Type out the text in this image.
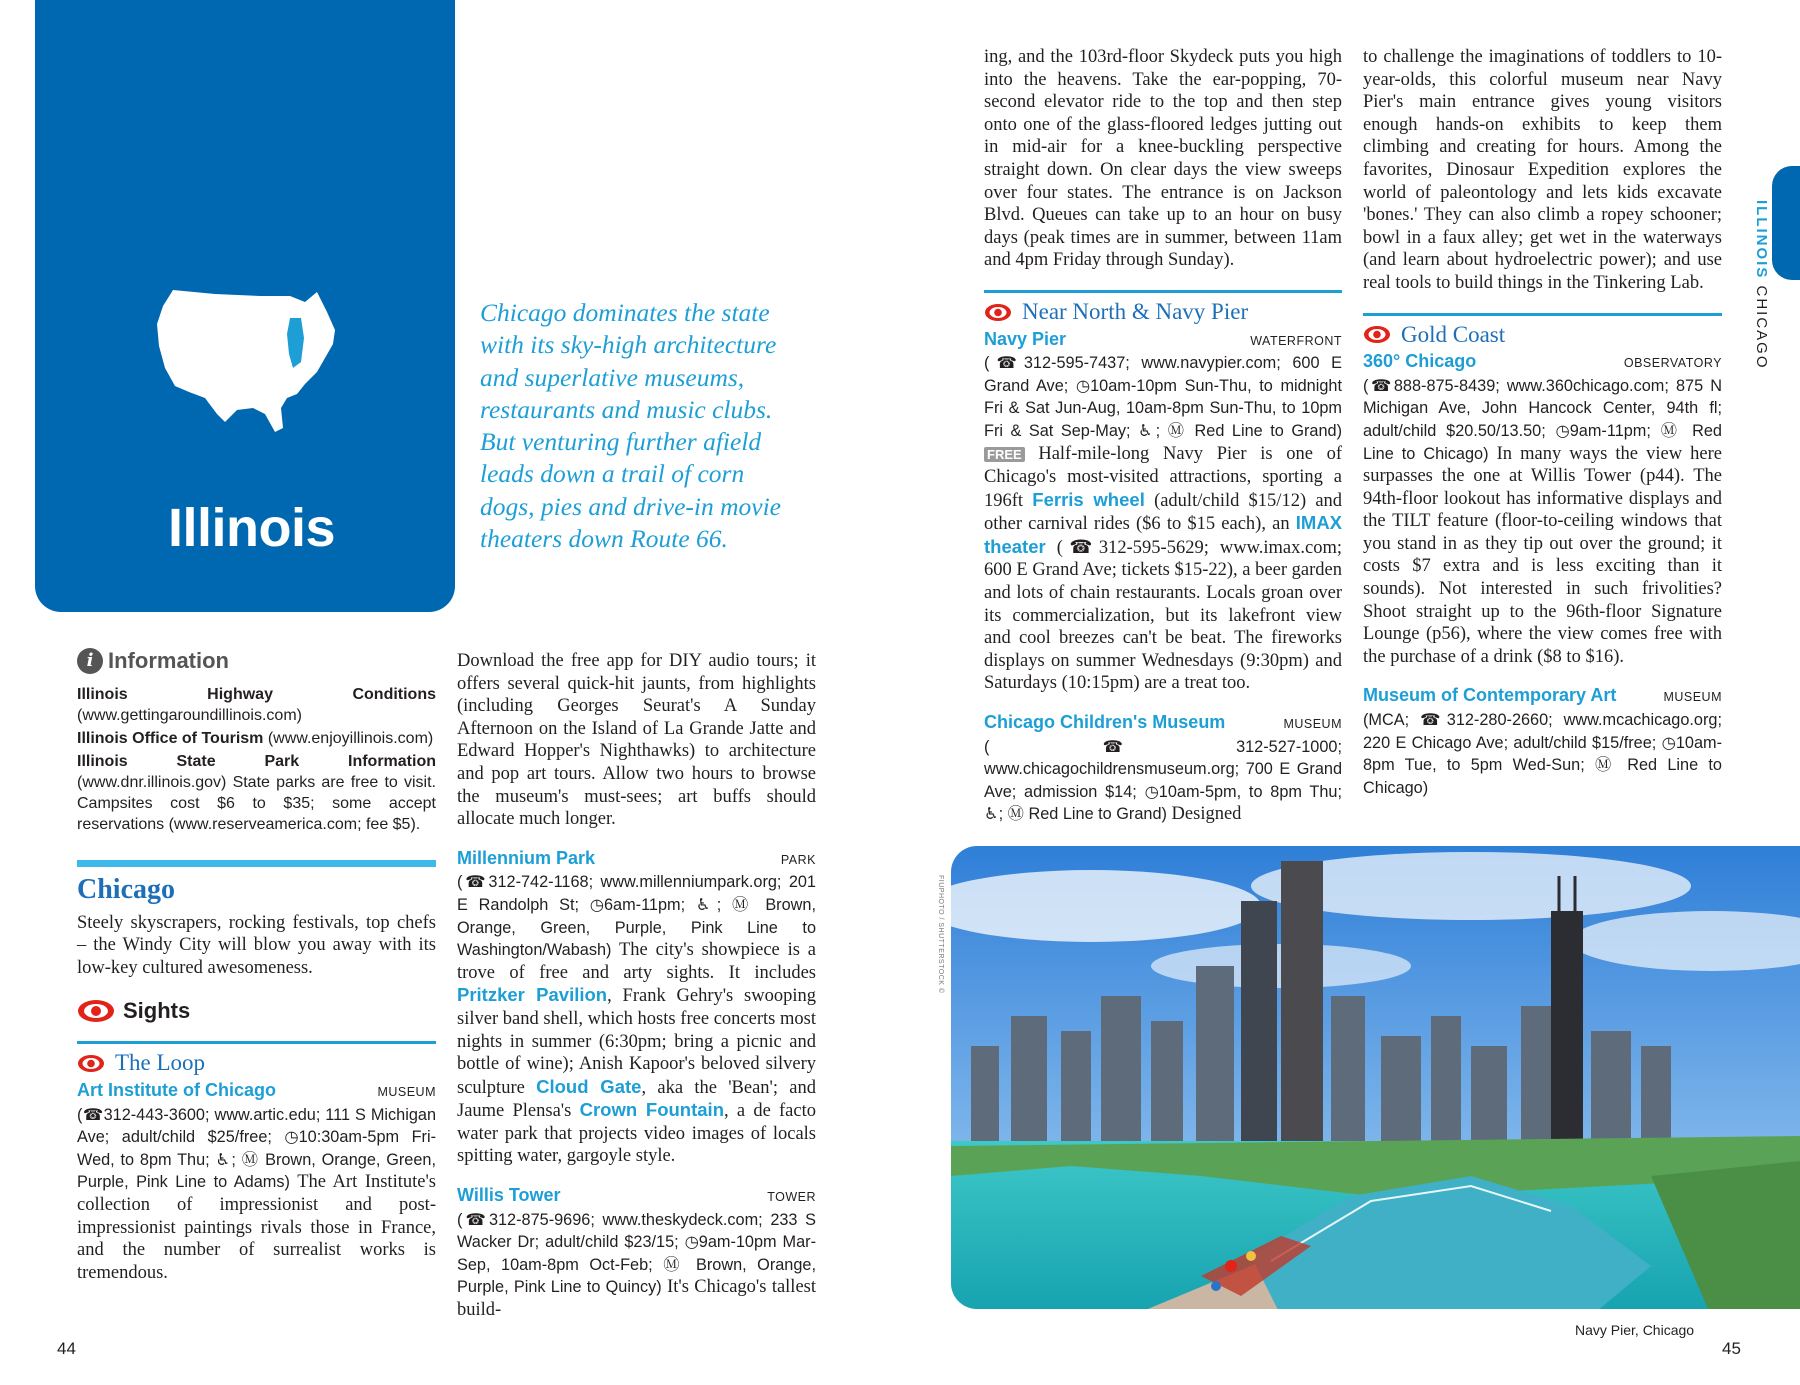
Illinois
Chicago dominates the state with its sky-high architecture and superlative museums, restaurants and music clubs. But venturing further afield leads down a trail of corn dogs, pies and drive-in movie theaters down Route 66.
i Information

Illinois Highway Conditions (www.gettingaroundillinois.com)

Illinois Office of Tourism (www.enjoyillinois.com)

Illinois State Park Information (www.dnr.illinois.gov) State parks are free to visit. Campsites cost $6 to $35; some accept reservations (www.reserveamerica.com; fee $5).

Chicago

Steely skyscrapers, rocking festivals, top chefs – the Windy City will blow you away with its low-key cultured awesomeness.

Sights
The Loop
Art Institute of Chicago	MUSEUM

(☎312-443-3600; www.artic.edu; 111 S Michigan Ave; adult/child $25/free; ◷10:30am-5pm Fri-Wed, to 8pm Thu; ♿; Ⓜ Brown, Orange, Green, Purple, Pink Line to Adams) The Art Institute's collection of impressionist and post-impressionist paintings rivals those in France, and the number of surrealist works is tremendous.

Download the free app for DIY audio tours; it offers several quick-hit jaunts, from highlights (including Georges Seurat's A Sunday Afternoon on the Island of La Grande Jatte and Edward Hopper's Nighthawks) to architecture and pop art tours. Allow two hours to browse the museum's must-sees; art buffs should allocate much longer.

Millennium Park	PARK

(☎312-742-1168; www.millenniumpark.org; 201 E Randolph St; ◷6am-11pm; ♿; Ⓜ Brown, Orange, Green, Purple, Pink Line to Washington/Wabash) The city's showpiece is a trove of free and arty sights. It includes Pritzker Pavilion, Frank Gehry's swooping silver band shell, which hosts free concerts most nights in summer (6:30pm; bring a picnic and bottle of wine); Anish Kapoor's beloved silvery sculpture Cloud Gate, aka the 'Bean'; and Jaume Plensa's Crown Fountain, a de facto water park that projects video images of locals spitting water, gargoyle style.

Willis Tower	TOWER

(☎312-875-9696; www.theskydeck.com; 233 S Wacker Dr; adult/child $23/15; ◷9am-10pm Mar-Sep, 10am-8pm Oct-Feb; Ⓜ Brown, Orange, Purple, Pink Line to Quincy) It's Chicago's tallest build-

44

ing, and the 103rd-floor Skydeck puts you high into the heavens. Take the ear-popping, 70-second elevator ride to the top and then step onto one of the glass-floored ledges jutting out in mid-air for a knee-buckling perspective straight down. On clear days the view sweeps over four states. The entrance is on Jackson Blvd. Queues can take up to an hour on busy days (peak times are in summer, between 11am and 4pm Friday through Sunday).

Near North & Navy Pier
Navy Pier	WATERFRONT

(☎312-595-7437; www.navypier.com; 600 E Grand Ave; ◷10am-10pm Sun-Thu, to midnight Fri & Sat Jun-Aug, 10am-8pm Sun-Thu, to 10pm Fri & Sat Sep-May; ♿; Ⓜ Red Line to Grand) FREE Half-mile-long Navy Pier is one of Chicago's most-visited attractions, sporting a 196ft Ferris wheel (adult/child $15/12) and other carnival rides ($6 to $15 each), an IMAX theater (☎312-595-5629; www.imax.com; 600 E Grand Ave; tickets $15-22), a beer garden and lots of chain restaurants. Locals groan over its commercialization, but its lakefront view and cool breezes can't be beat. The fireworks displays on summer Wednesdays (9:30pm) and Saturdays (10:15pm) are a treat too.

Chicago Children's Museum	MUSEUM

(☎312-527-1000; www.chicagochildrensmuseum.org; 700 E Grand Ave; admission $14; ◷10am-5pm, to 8pm Thu; ♿; Ⓜ Red Line to Grand) Designed

to challenge the imaginations of toddlers to 10-year-olds, this colorful museum near Navy Pier's main entrance gives young visitors enough hands-on exhibits to keep them climbing and creating for hours. Among the favorites, Dinosaur Expedition explores the world of paleontology and lets kids excavate 'bones.' They can also climb a ropey schooner; bowl in a faux alley; get wet in the waterways (and learn about hydroelectric power); and use real tools to build things in the Tinkering Lab.

Gold Coast
360° Chicago	OBSERVATORY

(☎888-875-8439; www.360chicago.com; 875 N Michigan Ave, John Hancock Center, 94th fl; adult/child $20.50/13.50; ◷9am-11pm; Ⓜ Red Line to Chicago) In many ways the view here surpasses the one at Willis Tower (p44). The 94th-floor lookout has informative displays and the TILT feature (floor-to-ceiling windows that you stand in as they tip out over the ground; it costs $7 extra and is less exciting than it sounds). Not interested in such frivolities? Shoot straight up to the 96th-floor Signature Lounge (p56), where the view comes free with the purchase of a drink ($8 to $16).

Museum of Contemporary Art	MUSEUM

(MCA; ☎312-280-2660; www.mcachicago.org; 220 E Chicago Ave; adult/child $15/free; ◷10am-8pm Tue, to 5pm Wed-Sun; Ⓜ Red Line to Chicago)

ILLINOIS CHICAGO
FIUPHOTO / SHUTTERSTOCK ©
Navy Pier, Chicago
45
